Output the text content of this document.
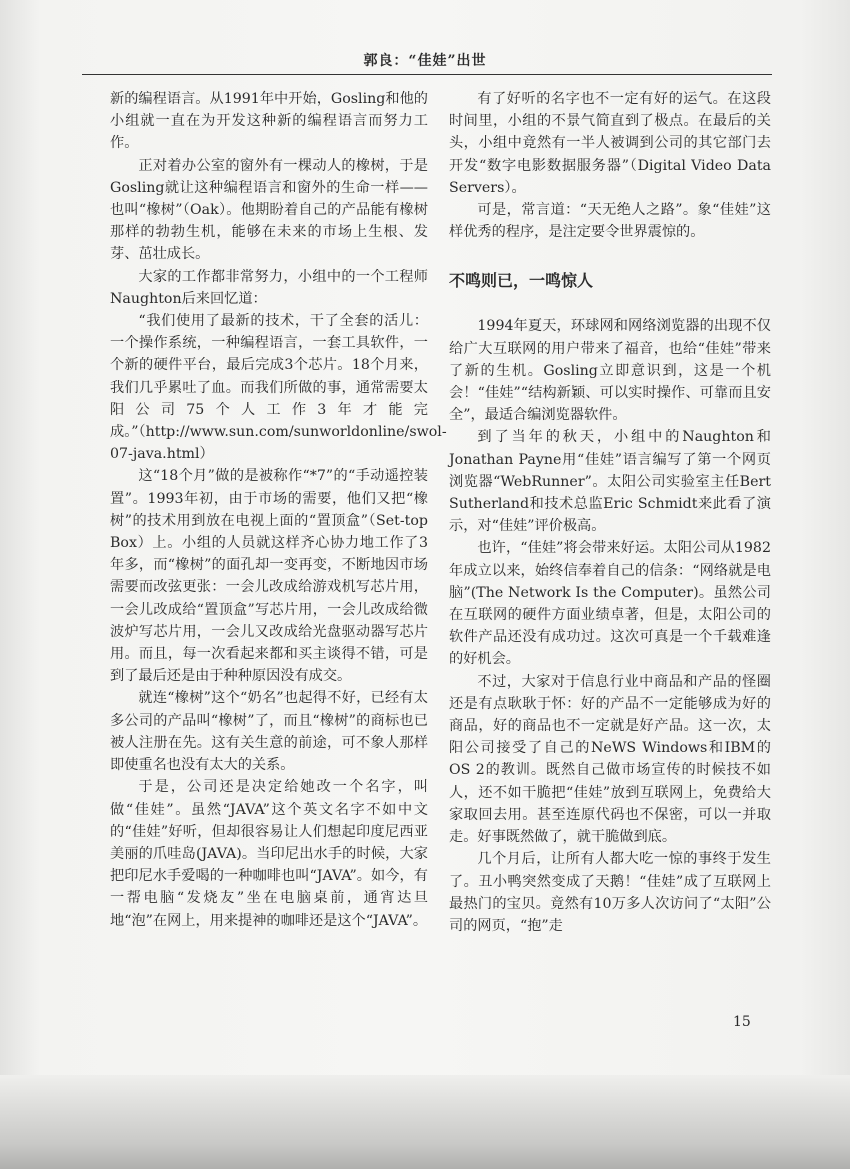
郭良：“佳娃”出世

新的编程语言。从1991年中开始，Gosling和他的小组就一直在为开发这种新的编程语言而努力工作。

正对着办公室的窗外有一棵动人的橡树，于是Gosling就让这种编程语言和窗外的生命一样——也叫“橡树”（Oak）。他期盼着自己的产品能有橡树那样的勃勃生机，能够在未来的市场上生根、发芽、茁壮成长。

大家的工作都非常努力，小组中的一个工程师Naughton后来回忆道：

“我们使用了最新的技术，干了全套的活儿：一个操作系统，一种编程语言，一套工具软件，一个新的硬件平台，最后完成3个芯片。18个月来，我们几乎累吐了血。而我们所做的事，通常需要太阳公司75个人工作3年才能完成。”（http://www.sun.com/sunworldonline/swol-07-java.html）

这“18个月”做的是被称作“*7”的“手动遥控装置”。1993年初，由于市场的需要，他们又把“橡树”的技术用到放在电视上面的“置顶盒”（Set-top Box）上。小组的人员就这样齐心协力地工作了3年多，而“橡树”的面孔却一变再变，不断地因市场需要而改弦更张：一会儿改成给游戏机写芯片用，一会儿改成给“置顶盒”写芯片用，一会儿改成给微波炉写芯片用，一会儿又改成给光盘驱动器写芯片用。而且，每一次看起来都和买主谈得不错，可是到了最后还是由于种种原因没有成交。

就连“橡树”这个“奶名”也起得不好，已经有太多公司的产品叫“橡树”了，而且“橡树”的商标也已被人注册在先。这有关生意的前途，可不象人那样即使重名也没有太大的关系。

于是，公司还是决定给她改一个名字，叫做“佳娃”。虽然“JAVA”这个英文名字不如中文的“佳娃”好听，但却很容易让人们想起印度尼西亚美丽的爪哇岛(JAVA)。当印尼出水手的时候，大家把印尼水手爱喝的一种咖啡也叫“JAVA”。如今，有一帮电脑“发烧友”坐在电脑桌前，通宵达旦地“泡”在网上，用来提神的咖啡还是这个“JAVA”。

有了好听的名字也不一定有好的运气。在这段时间里，小组的不景气简直到了极点。在最后的关头，小组中竟然有一半人被调到公司的其它部门去开发“数字电影数据服务器”（Digital Video Data Servers）。

可是，常言道：“天无绝人之路”。象“佳娃”这样优秀的程序，是注定要令世界震惊的。

不鸣则已，一鸣惊人

1994年夏天，环球网和网络浏览器的出现不仅给广大互联网的用户带来了福音，也给“佳娃”带来了新的生机。Gosling立即意识到，这是一个机会！“佳娃”“结构新颖、可以实时操作、可靠而且安全”，最适合编浏览器软件。

到了当年的秋天，小组中的Naughton和Jonathan Payne用“佳娃”语言编写了第一个网页浏览器“WebRunner”。太阳公司实验室主任Bert Sutherland和技术总监Eric Schmidt来此看了演示，对“佳娃”评价极高。

也许，“佳娃”将会带来好运。太阳公司从1982年成立以来，始终信奉着自己的信条：“网络就是电脑”(The Network Is the Computer)。虽然公司在互联网的硬件方面业绩卓著，但是，太阳公司的软件产品还没有成功过。这次可真是一个千载难逢的好机会。

不过，大家对于信息行业中商品和产品的怪圈还是有点耿耿于怀：好的产品不一定能够成为好的商品，好的商品也不一定就是好产品。这一次，太阳公司接受了自己的NeWS Windows和IBM的OS 2的教训。既然自己做市场宣传的时候技不如人，还不如干脆把“佳娃”放到互联网上，免费给大家取回去用。甚至连原代码也不保密，可以一并取走。好事既然做了，就干脆做到底。

几个月后，让所有人都大吃一惊的事终于发生了。丑小鸭突然变成了天鹅！“佳娃”成了互联网上最热门的宝贝。竟然有10万多人次访问了“太阳”公司的网页，“抱”走

15
